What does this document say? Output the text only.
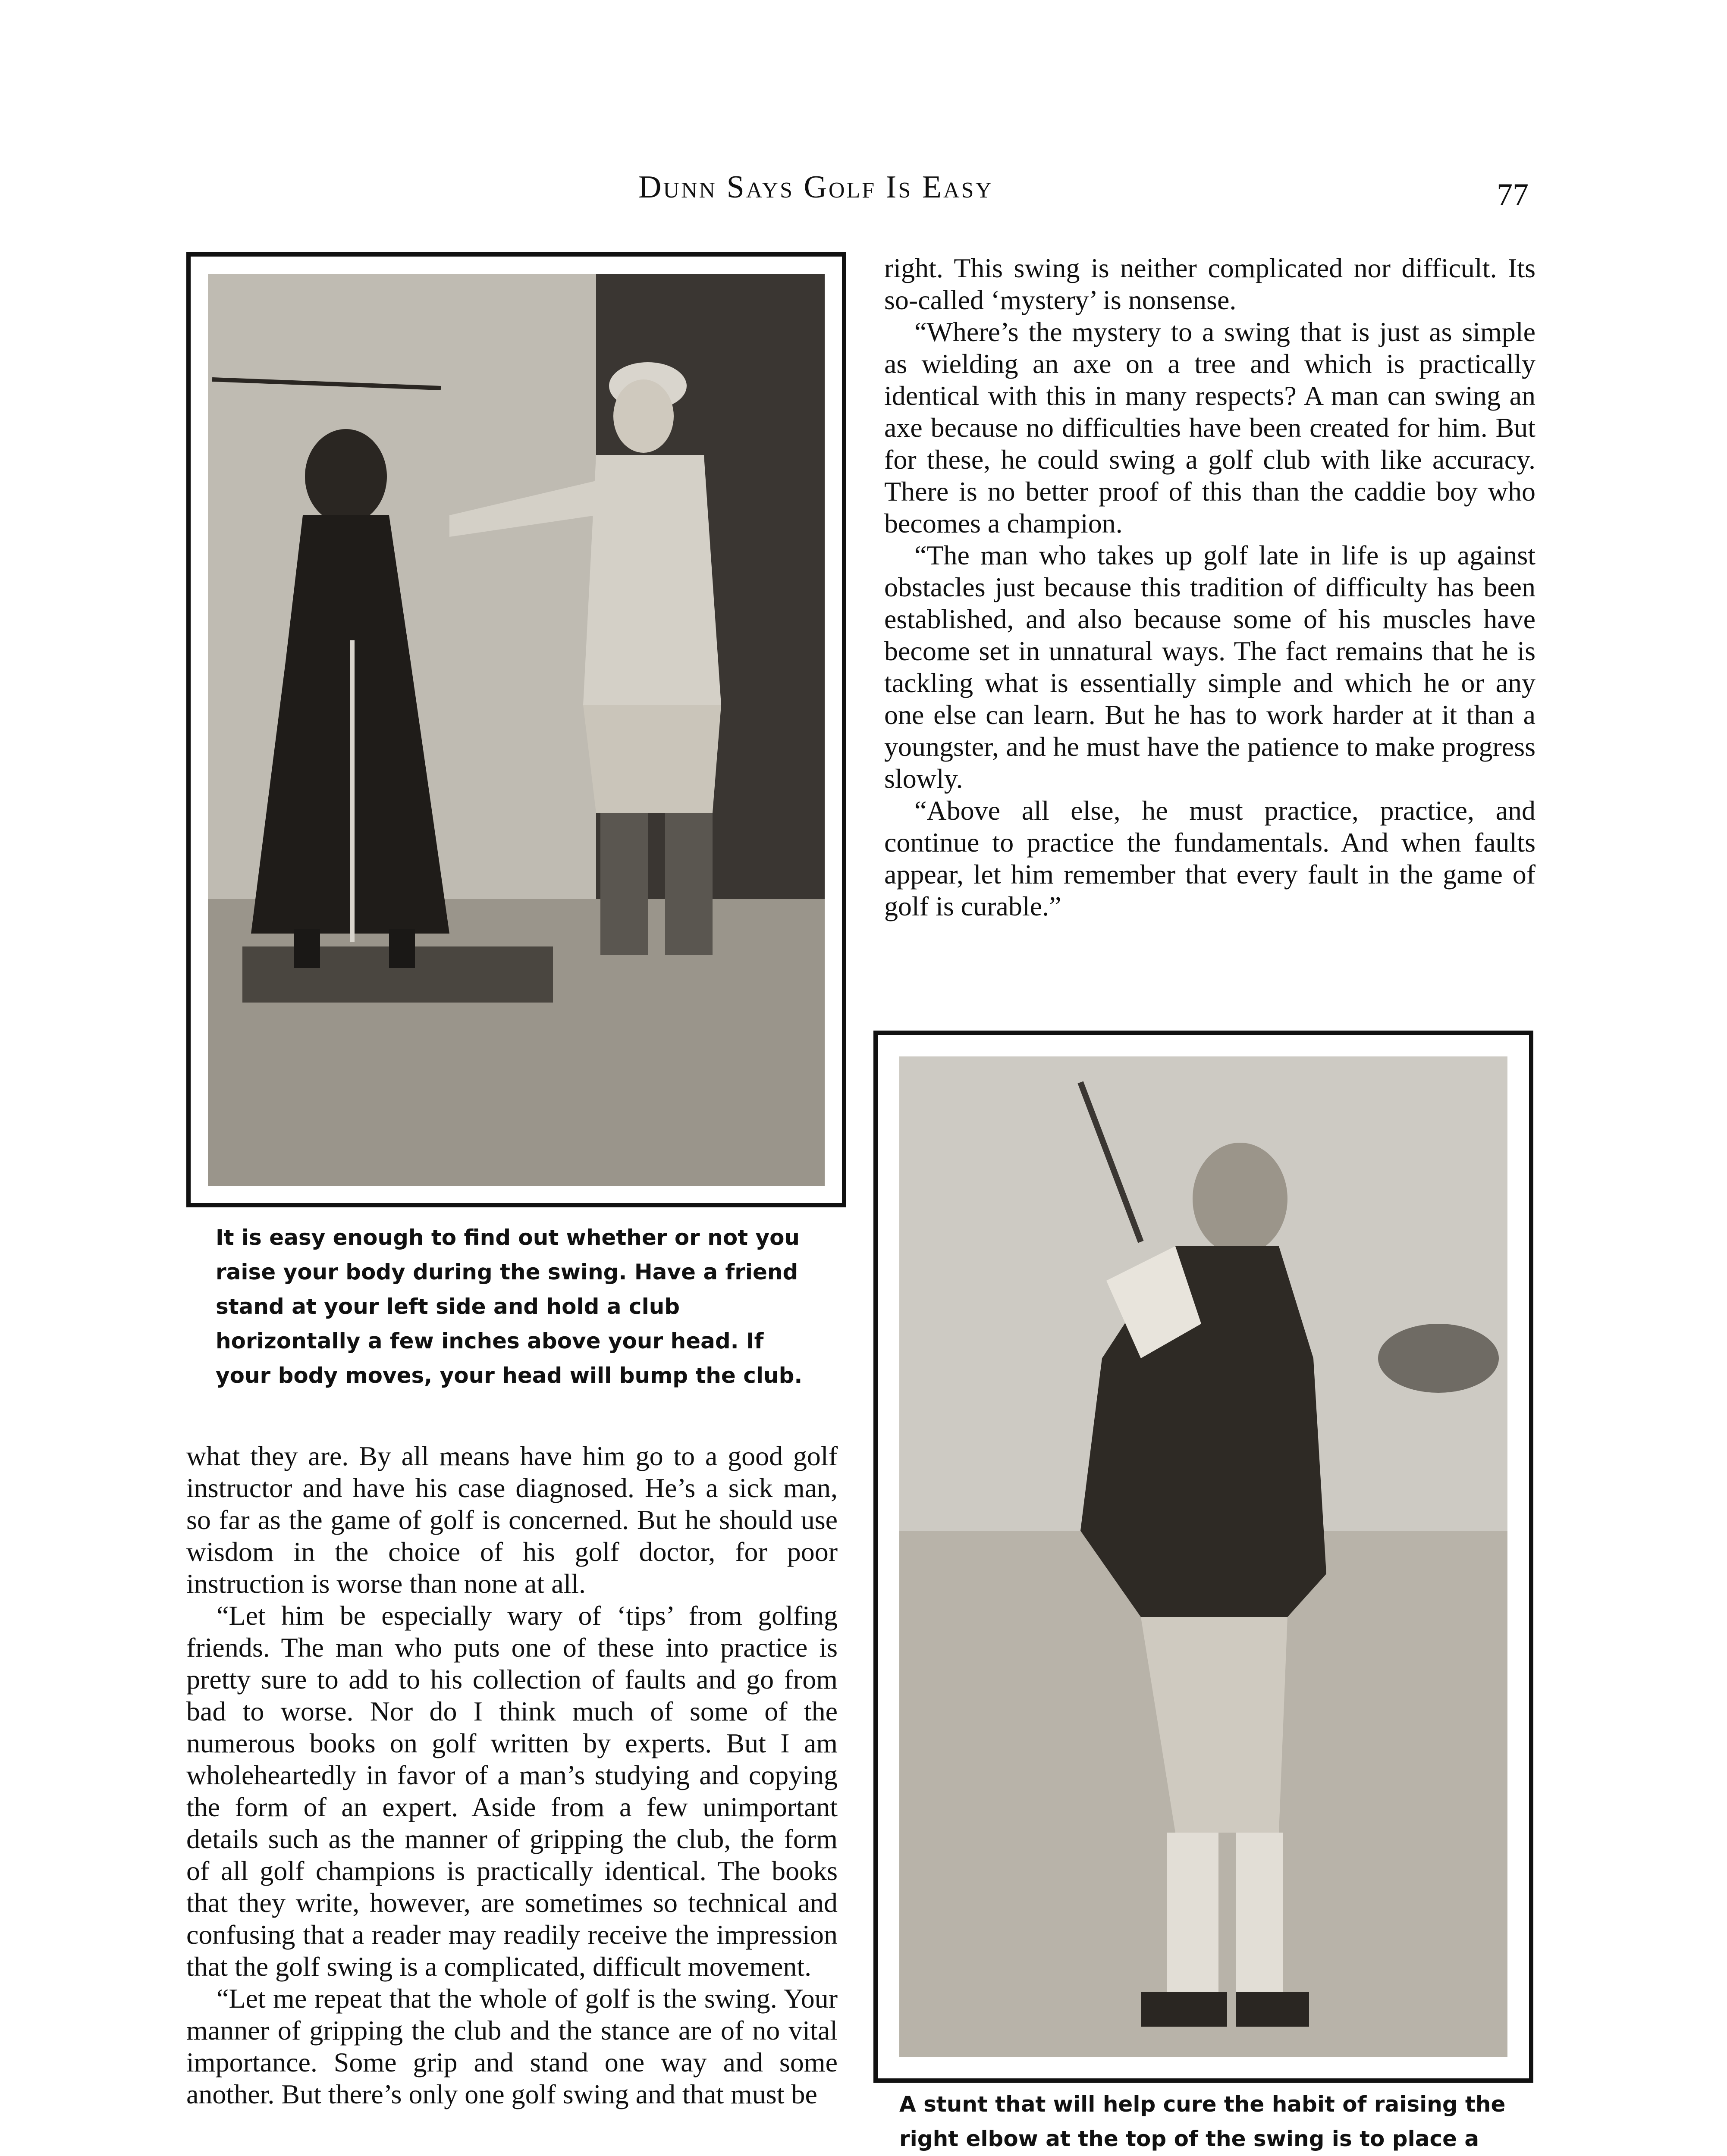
Dunn Says Golf Is Easy	77
It is easy enough to find out whether or not you raise your body during the swing. Have a friend stand at your left side and hold a club horizontally a few inches above your head. If your body moves, your head will bump the club.

right. This swing is neither complicated nor difficult. Its so-called ‘mystery’ is nonsense.

“Where’s the mystery to a swing that is just as simple as wielding an axe on a tree and which is practically identical with this in many respects? A man can swing an axe because no difficulties have been created for him. But for these, he could swing a golf club with like accuracy. There is no better proof of this than the caddie boy who becomes a champion.

“The man who takes up golf late in life is up against obstacles just because this tradition of difficulty has been established, and also because some of his muscles have become set in unnatural ways. The fact remains that he is tackling what is essentially simple and which he or any one else can learn. But he has to work harder at it than a youngster, and he must have the patience to make progress slowly.

“Above all else, he must practice, practice, and continue to practice the fundamentals. And when faults appear, let him remember that every fault in the game of golf is curable.”

A stunt that will help cure the habit of raising the right elbow at the top of the swing is to place a

what they are. By all means have him go to a good golf instructor and have his case diagnosed. He’s a sick man, so far as the game of golf is concerned. But he should use wisdom in the choice of his golf doctor, for poor instruction is worse than none at all.

“Let him be especially wary of ‘tips’ from golfing friends. The man who puts one of these into practice is pretty sure to add to his collection of faults and go from bad to worse. Nor do I think much of some of the numerous books on golf written by experts. But I am wholeheartedly in favor of a man’s studying and copying the form of an expert. Aside from a few unimportant details such as the manner of gripping the club, the form of all golf champions is practically identical. The books that they write, however, are sometimes so technical and confusing that a reader may readily receive the impression that the golf swing is a complicated, difficult movement.

“Let me repeat that the whole of golf is the swing. Your manner of gripping the club and the stance are of no vital importance. Some grip and stand one way and some another. But there’s only one golf swing and that must be
